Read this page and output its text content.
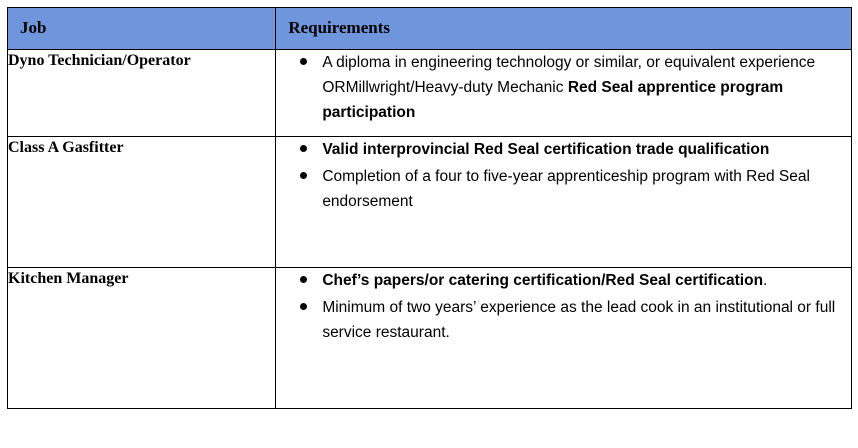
Job	Requirements

Dyno Technician/Operator	A diploma in engineering technology or similar, or equivalent experience ORMillwright/Heavy-duty Mechanic Red Seal apprentice program participation

Class A Gasfitter	Valid interprovincial Red Seal certification trade qualification
Completion of a four to five-year apprenticeship program with Red Seal endorsement

Kitchen Manager	Chef’s papers/or catering certification/Red Seal certification.
Minimum of two years’ experience as the lead cook in an institutional or full service restaurant.
